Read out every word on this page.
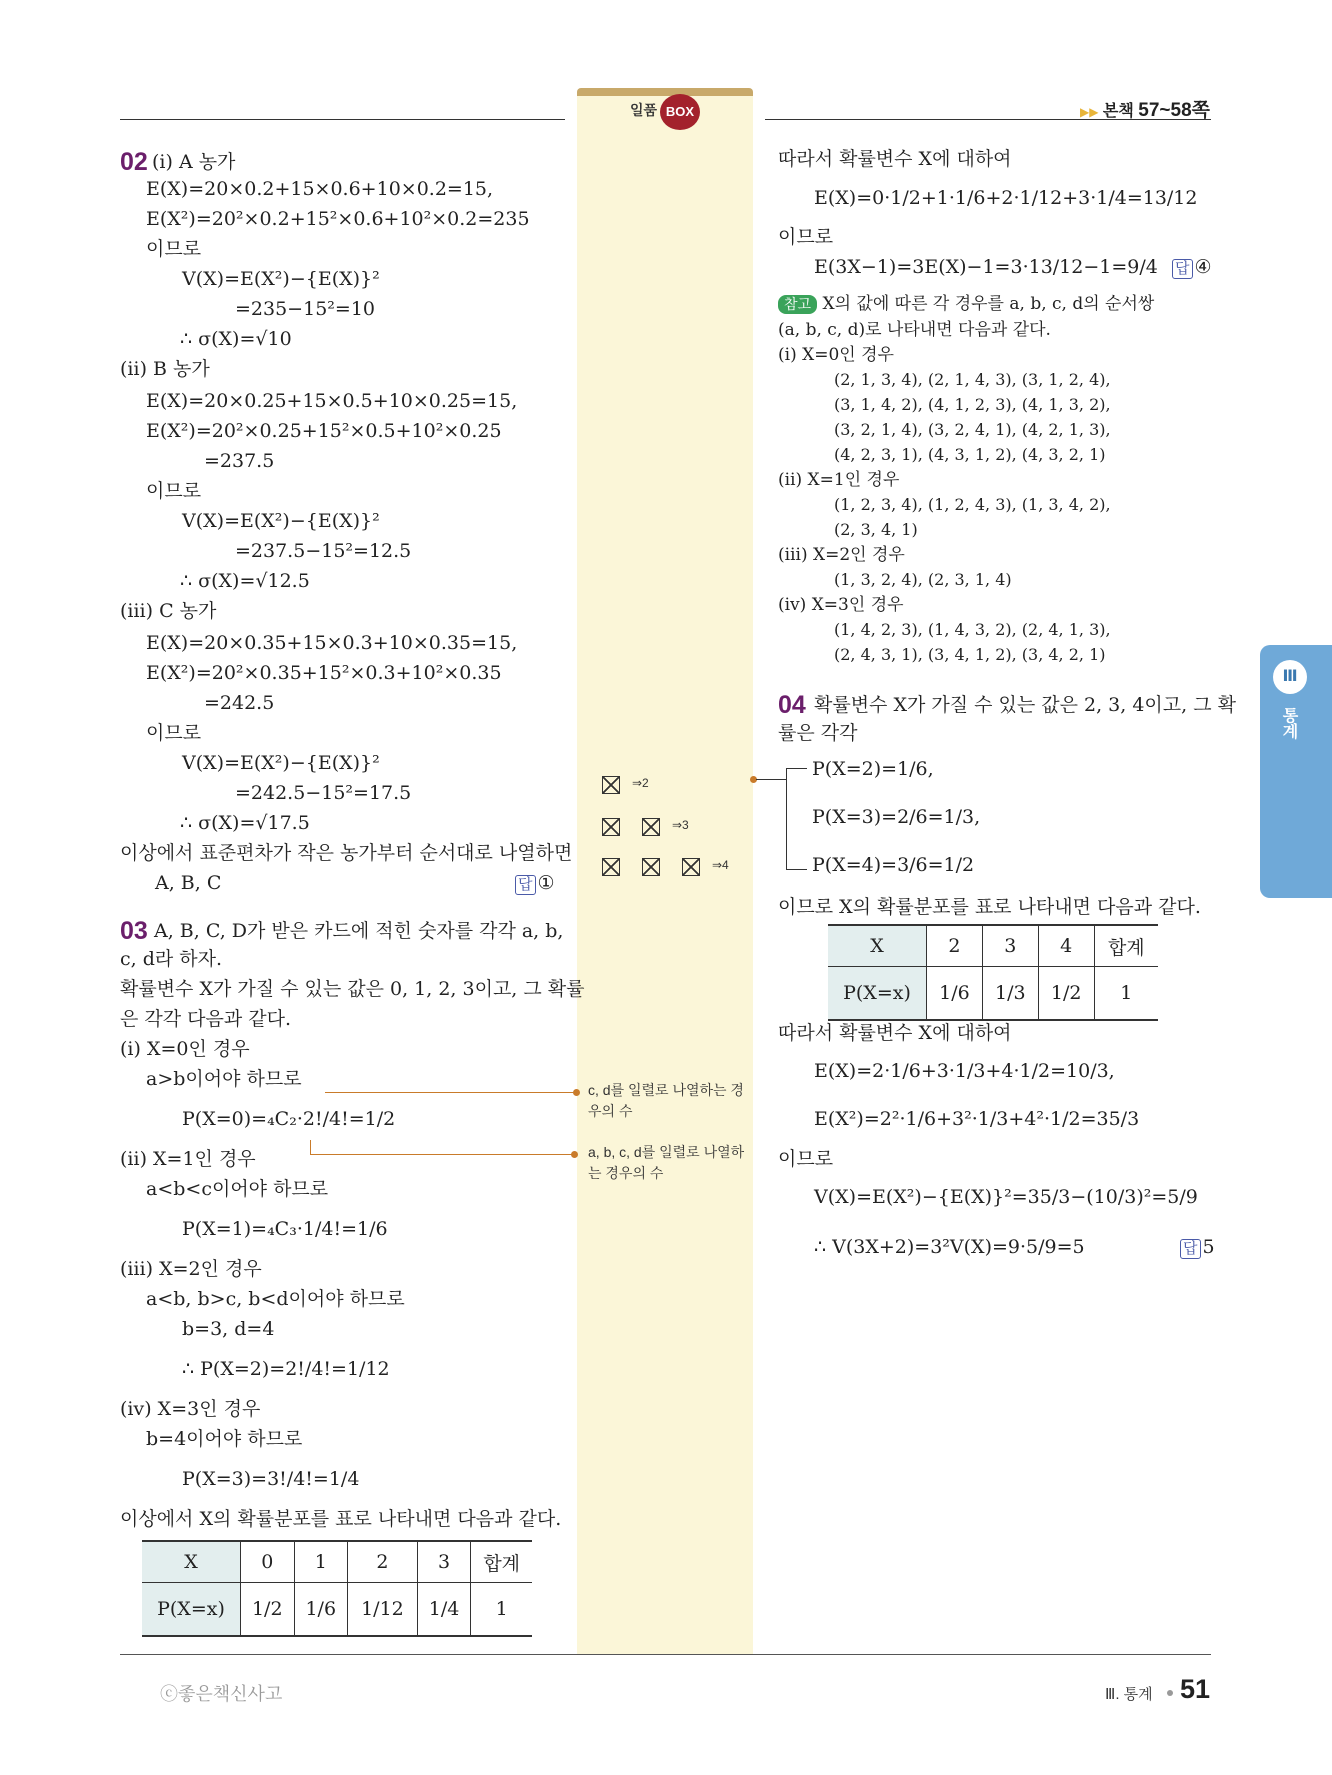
일품 BOX	▶▶ 본책 57~58쪽
Ⅲ
통계
02 (ⅰ) A 농가
E(X)=20×0.2+15×0.6+10×0.2=15,
E(X²)=20²×0.2+15²×0.6+10²×0.2=235
이므로
V(X)=E(X²)−{E(X)}²
=235−15²=10
∴ σ(X)=√10
(ⅱ) B 농가
E(X)=20×0.25+15×0.5+10×0.25=15,
E(X²)=20²×0.25+15²×0.5+10²×0.25
=237.5
이므로
V(X)=E(X²)−{E(X)}²
=237.5−15²=12.5
∴ σ(X)=√12.5
(ⅲ) C 농가
E(X)=20×0.35+15×0.3+10×0.35=15,
E(X²)=20²×0.35+15²×0.3+10²×0.35
=242.5
이므로
V(X)=E(X²)−{E(X)}²
=242.5−15²=17.5
∴ σ(X)=√17.5
이상에서 표준편차가 작은 농가부터 순서대로 나열하면
A, B, C	답 ①
03 A, B, C, D가 받은 카드에 적힌 숫자를 각각 a, b,
c, d라 하자.
확률변수 X가 가질 수 있는 값은 0, 1, 2, 3이고, 그 확률
은 각각 다음과 같다.
(ⅰ) X=0인 경우
a>b이어야 하므로
P(X=0)=₄C₂·2!/4!=1/2
(ⅱ) X=1인 경우
a<b<c이어야 하므로
P(X=1)=₄C₃·1/4!=1/6
(ⅲ) X=2인 경우
a<b, b>c, b<d이어야 하므로
b=3, d=4
∴ P(X=2)=2!/4!=1/12
(ⅳ) X=3인 경우
b=4이어야 하므로
P(X=3)=3!/4!=1/4
이상에서 X의 확률분포를 표로 나타내면 다음과 같다.
X	0	1	2	3	합계
P(X=x)	1/2	1/6	1/12	1/4	1
⇒2
⇒3
⇒4
c, d를 일렬로 나열하는 경우의 수
a, b, c, d를 일렬로 나열하는 경우의 수
따라서 확률변수 X에 대하여
E(X)=0·1/2+1·1/6+2·1/12+3·1/4=13/12
이므로
E(3X−1)=3E(X)−1=3·13/12−1=9/4 답 ④
참고 X의 값에 따른 각 경우를 a, b, c, d의 순서쌍
(a, b, c, d)로 나타내면 다음과 같다.
(ⅰ) X=0인 경우
(2, 1, 3, 4), (2, 1, 4, 3), (3, 1, 2, 4),
(3, 1, 4, 2), (4, 1, 2, 3), (4, 1, 3, 2),
(3, 2, 1, 4), (3, 2, 4, 1), (4, 2, 1, 3),
(4, 2, 3, 1), (4, 3, 1, 2), (4, 3, 2, 1)
(ⅱ) X=1인 경우
(1, 2, 3, 4), (1, 2, 4, 3), (1, 3, 4, 2),
(2, 3, 4, 1)
(ⅲ) X=2인 경우
(1, 3, 2, 4), (2, 3, 1, 4)
(ⅳ) X=3인 경우
(1, 4, 2, 3), (1, 4, 3, 2), (2, 4, 1, 3),
(2, 4, 3, 1), (3, 4, 1, 2), (3, 4, 2, 1)
04 확률변수 X가 가질 수 있는 값은 2, 3, 4이고, 그 확
률은 각각
P(X=2)=1/6,
P(X=3)=2/6=1/3,
P(X=4)=3/6=1/2
이므로 X의 확률분포를 표로 나타내면 다음과 같다.
X	2	3	4	합계
P(X=x)	1/6	1/3	1/2	1
따라서 확률변수 X에 대하여
E(X)=2·1/6+3·1/3+4·1/2=10/3,
E(X²)=2²·1/6+3²·1/3+4²·1/2=35/3
이므로
V(X)=E(X²)−{E(X)}²=35/3−(10/3)²=5/9
∴ V(3X+2)=3²V(X)=9·5/9=5	답 5
ⓒ좋은책신사고	Ⅲ. 통계 51
